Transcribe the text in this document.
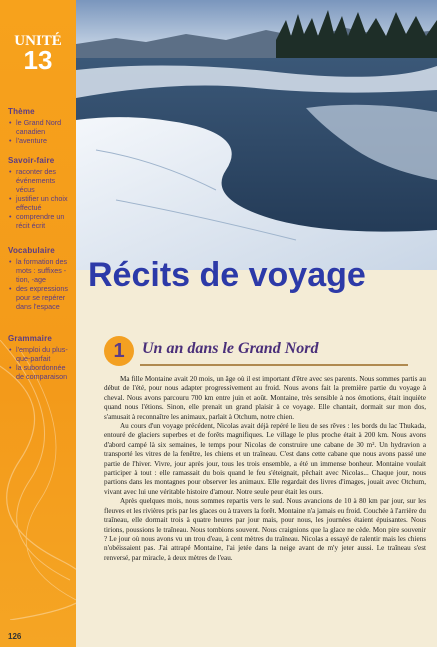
UNITÉ
13
Thème
• le Grand Nord canadien
• l'aventure
Savoir-faire
• raconter des événements vécus
• justifier un choix effectué
• comprendre un récit écrit
Vocabulaire
• la formation des mots : suffixes -tion, -age
• des expressions pour se repérer dans l'espace
Grammaire
• l'emploi du plus-que-parfait
• la subordonnée de comparaison
126
Récits de voyage
1	Un an dans le Grand Nord

Ma fille Montaine avait 20 mois, un âge où il est important d'être avec ses parents. Nous sommes partis au début de l'été, pour nous adapter progressivement au froid. Nous avons fait la première partie du voyage à cheval. Nous avons parcouru 700 km entre juin et août. Montaine, très sensible à nos émotions, était inquiète quand nous l'étions. Sinon, elle prenait un grand plaisir à ce voyage. Elle chantait, dormait sur mon dos, s'amusait à reconnaître les animaux, parlait à Otchum, notre chien.

Au cours d'un voyage précédent, Nicolas avait déjà repéré le lieu de ses rêves : les bords du lac Thukada, entouré de glaciers superbes et de forêts magnifiques. Le village le plus proche était à 200 km. Nous avons d'abord campé là six semaines, le temps pour Nicolas de construire une cabane de 30 m². Un hydravion a transporté les vitres de la fenêtre, les chiens et un traîneau. C'est dans cette cabane que nous avons passé une partie de l'hiver. Vivre, jour après jour, tous les trois ensemble, a été un immense bonheur. Montaine voulait participer à tout : elle ramassait du bois quand le feu s'éteignait, pêchait avec Nicolas... Chaque jour, nous partions dans les montagnes pour observer les animaux. Elle regardait des livres d'images, jouait avec Otchum, vivant avec lui une véritable histoire d'amour. Notre seule peur était les ours.

Après quelques mois, nous sommes repartis vers le sud. Nous avancions de 10 à 80 km par jour, sur les fleuves et les rivières pris par les glaces ou à travers la forêt. Montaine n'a jamais eu froid. Couchée à l'arrière du traîneau, elle dormait trois à quatre heures par jour mais, pour nous, les journées étaient épuisantes. Nous tirions, poussions le traîneau. Nous tombions souvent. Nous craignions que la glace ne cède. Mon pire souvenir ? Le jour où nous avons vu un trou d'eau, à cent mètres du traîneau. Nicolas a essayé de ralentir mais les chiens n'obéissaient pas. J'ai attrapé Montaine, l'ai jetée dans la neige avant de m'y jeter aussi. Le traîneau s'est renversé, par miracle, à deux mètres de l'eau.
